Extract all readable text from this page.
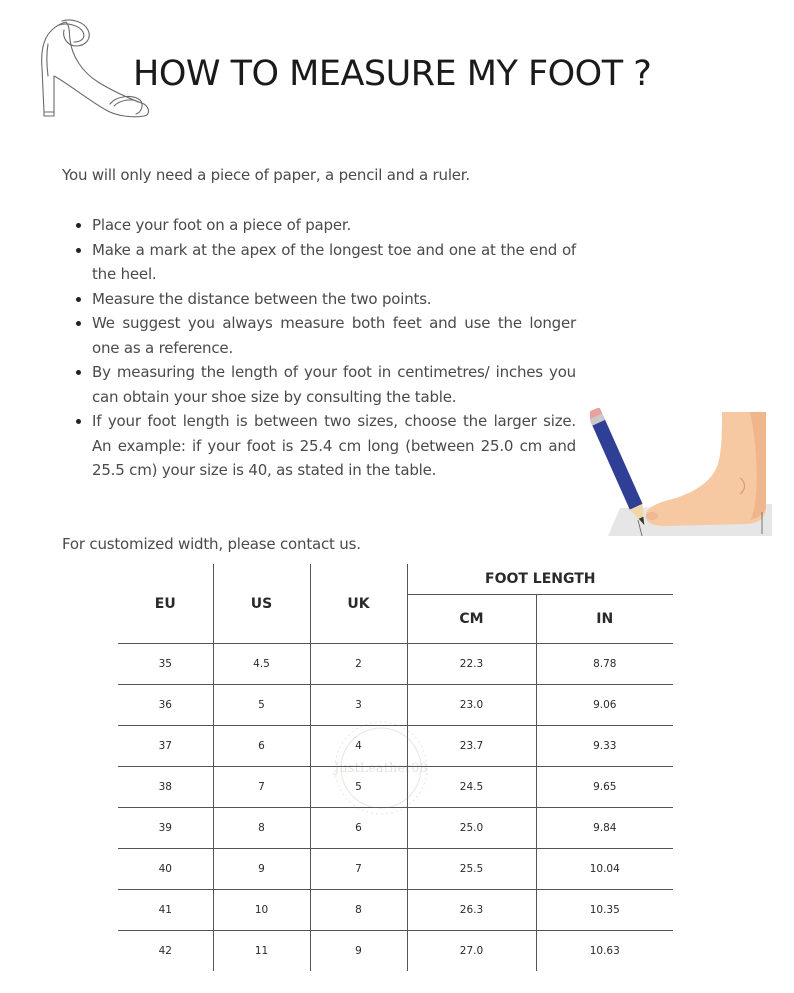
HOW TO MEASURE MY FOOT ?

You will only need a piece of paper, a pencil and a ruler.

• Place your foot on a piece of paper.
• Make a mark at the apex of the longest toe and one at the end of the heel.
• Measure the distance between the two points.
• We suggest you always measure both feet and use the longer one as a reference.
• By measuring the length of your foot in centimetres/ inches you can obtain your shoe size by consulting the table.
• If your foot length is between two sizes, choose the larger size. An example: if your foot is 25.4 cm long (between 25.0 cm and 25.5 cm) your size is 40, as stated in the table.

For customized width, please contact us.

EU	US	UK	FOOT LENGTH	
			CM	IN
35	4.5	2	22.3	8.78
36	5	3	23.0	9.06
37	6	4	23.7	9.33
38	7	5	24.5	9.65
39	8	6	25.0	9.84
40	9	7	25.5	10.04
41	10	8	26.3	10.35
42	11	9	27.0	10.63
JustLeather08
